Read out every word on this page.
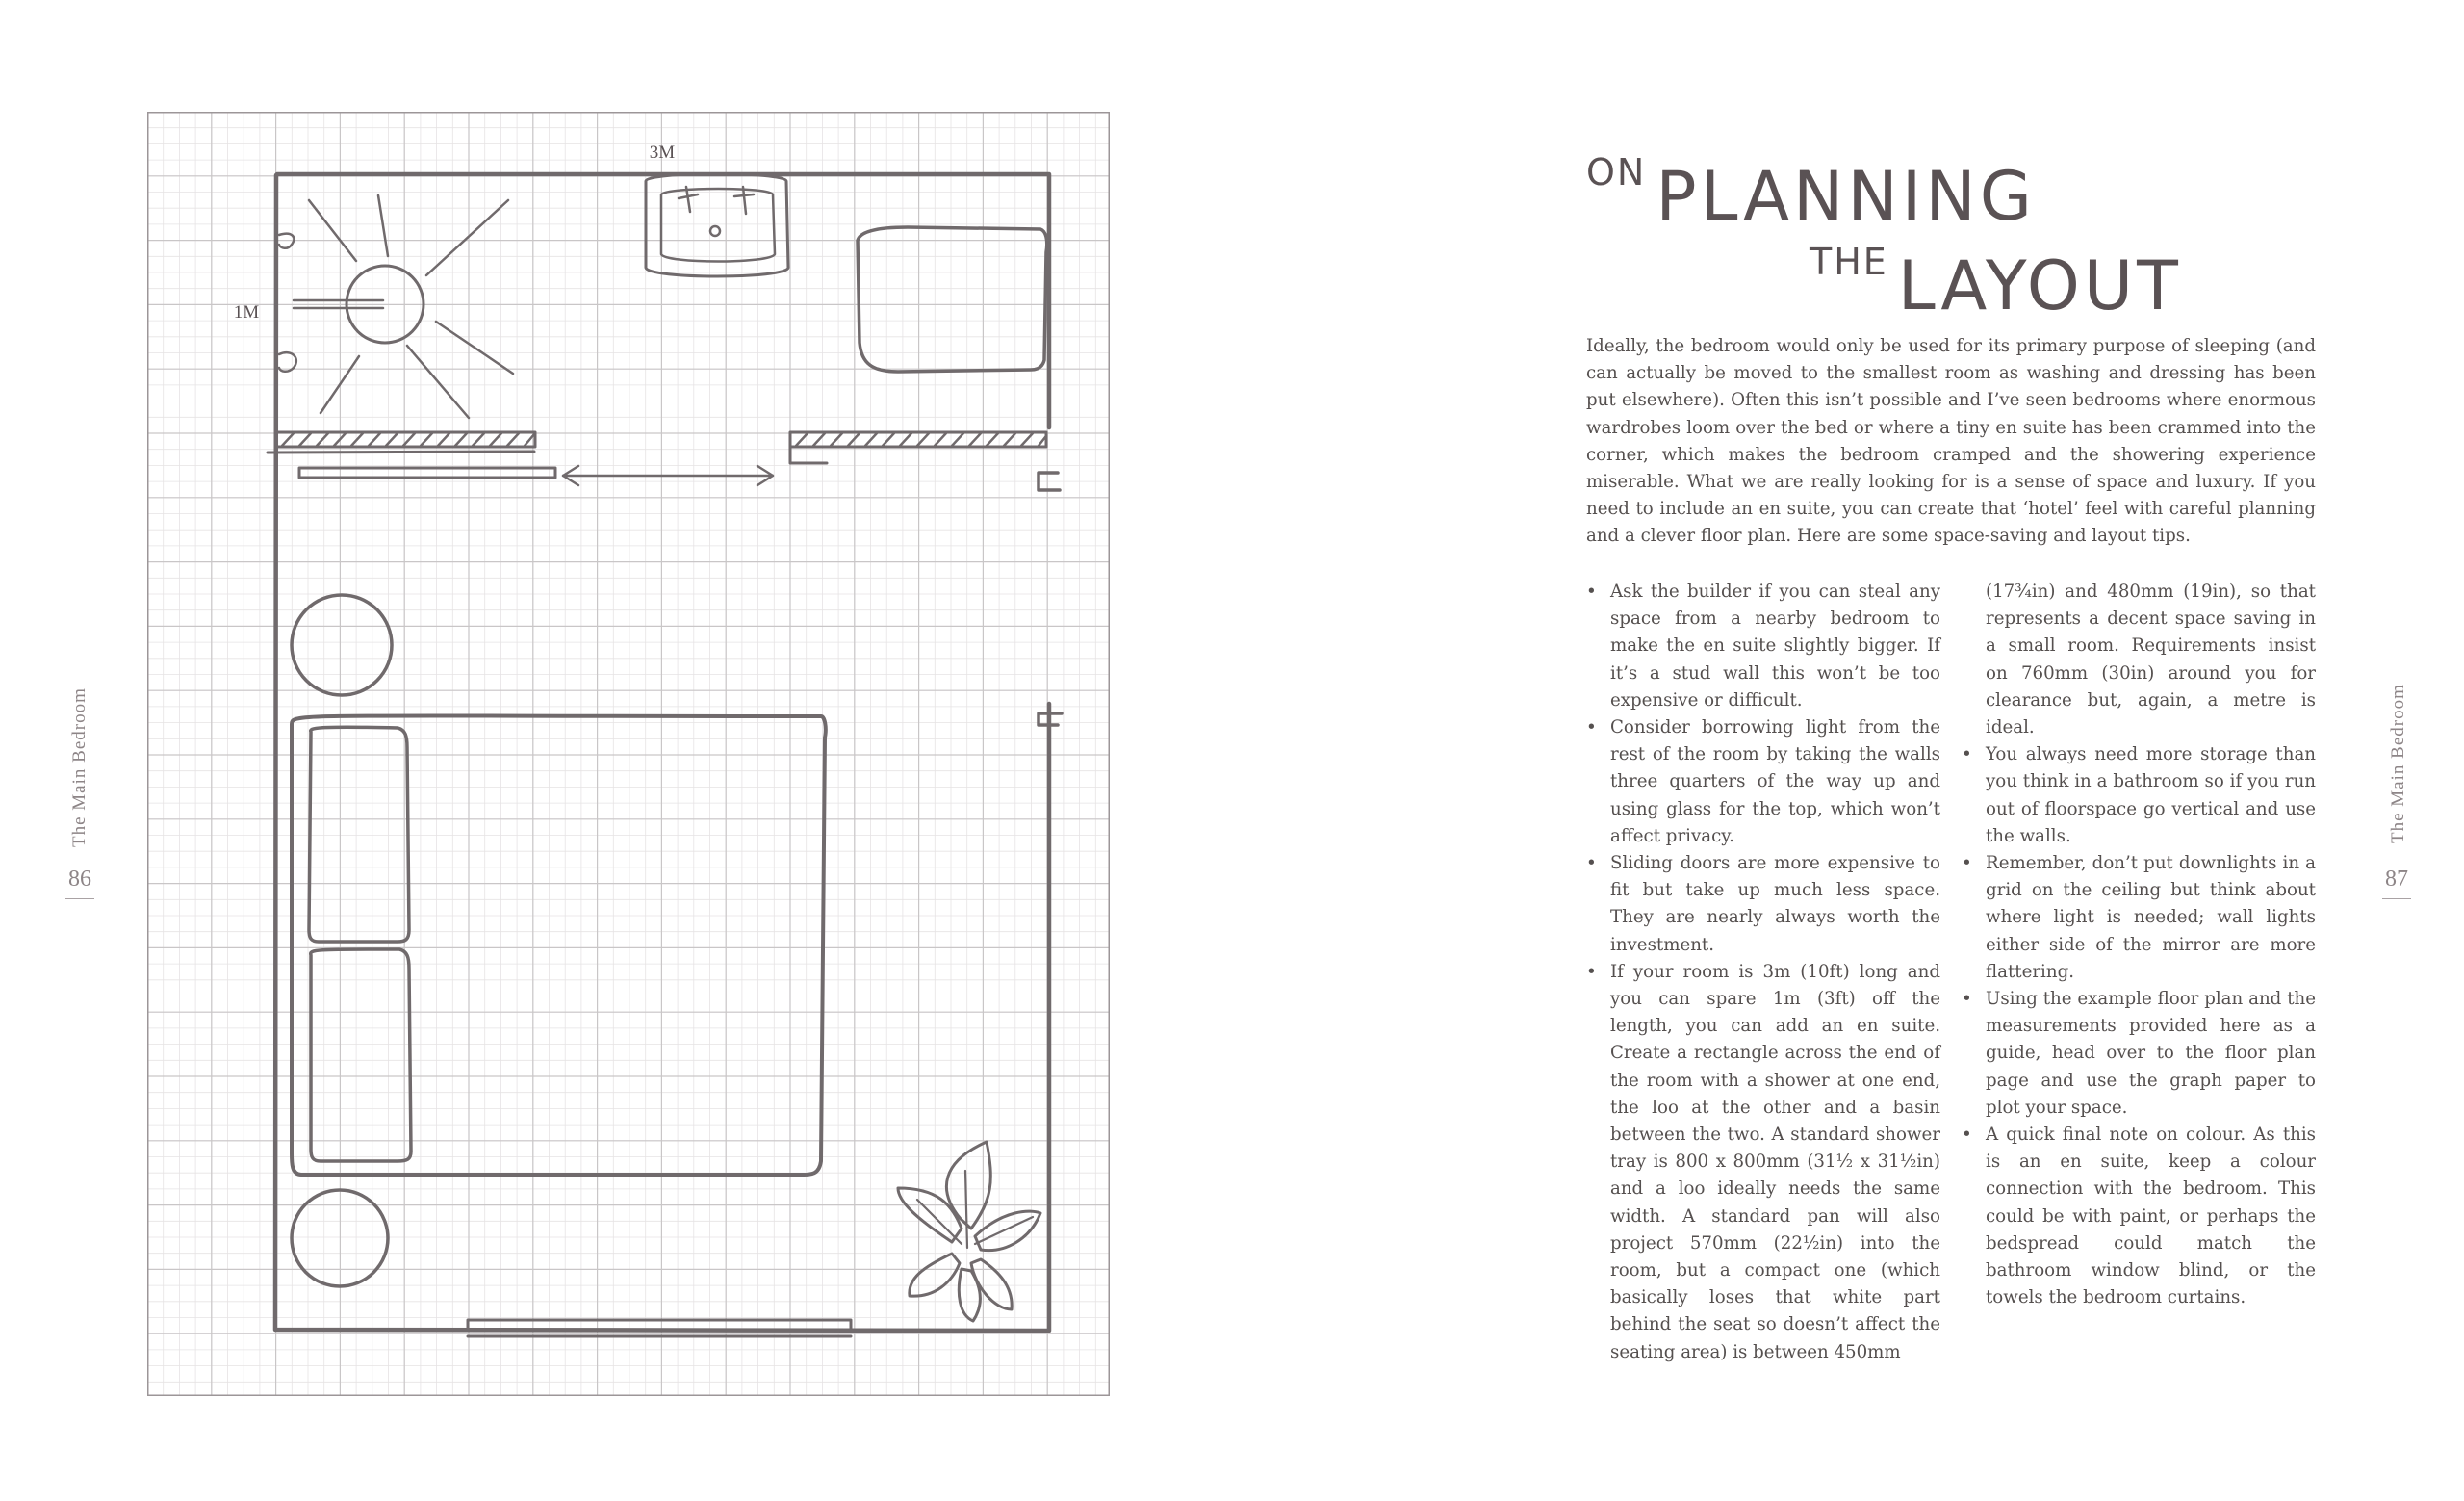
The Main Bedroom
86
3M
1M
ON PLANNING
THE LAYOUT

Ideally, the bedroom would only be used for its primary purpose of sleeping (and can actually be moved to the smallest room as washing and dressing has been put elsewhere). Often this isn’t possible and I’ve seen bedrooms where enormous wardrobes loom over the bed or where a tiny en suite has been crammed into the corner, which makes the bedroom cramped and the showering experience miserable. What we are really looking for is a sense of space and luxury. If you need to include an en suite, you can create that ‘hotel’ feel with careful planning and a clever floor plan. Here are some space-saving and layout tips.

• Ask the builder if you can steal any space from a nearby bedroom to make the en suite slightly bigger. If it’s a stud wall this won’t be too expensive or difficult.
• Consider borrowing light from the rest of the room by taking the walls three quarters of the way up and using glass for the top, which won’t affect privacy.
• Sliding doors are more expensive to fit but take up much less space. They are nearly always worth the investment.
• If your room is 3m (10ft) long and you can spare 1m (3ft) off the length, you can add an en suite. Create a rectangle across the end of the room with a shower at one end, the loo at the other and a basin between the two. A standard shower tray is 800 x 800mm (31½ x 31½in) and a loo ideally needs the same width. A standard pan will also project 570mm (22½in) into the room, but a compact one (which basically loses that white part behind the seat so doesn’t affect the seating area) is between 450mm
(17¾in) and 480mm (19in), so that represents a decent space saving in a small room. Requirements insist on 760mm (30in) around you for clearance but, again, a metre is ideal.
• You always need more storage than you think in a bathroom so if you run out of floorspace go vertical and use the walls.
• Remember, don’t put downlights in a grid on the ceiling but think about where light is needed; wall lights either side of the mirror are more flattering.
• Using the example floor plan and the measurements provided here as a guide, head over to the floor plan page and use the graph paper to plot your space.
• A quick final note on colour. As this is an en suite, keep a colour connection with the bedroom. This could be with paint, or perhaps the bedspread could match the bathroom window blind, or the towels the bedroom curtains.
The Main Bedroom
87
